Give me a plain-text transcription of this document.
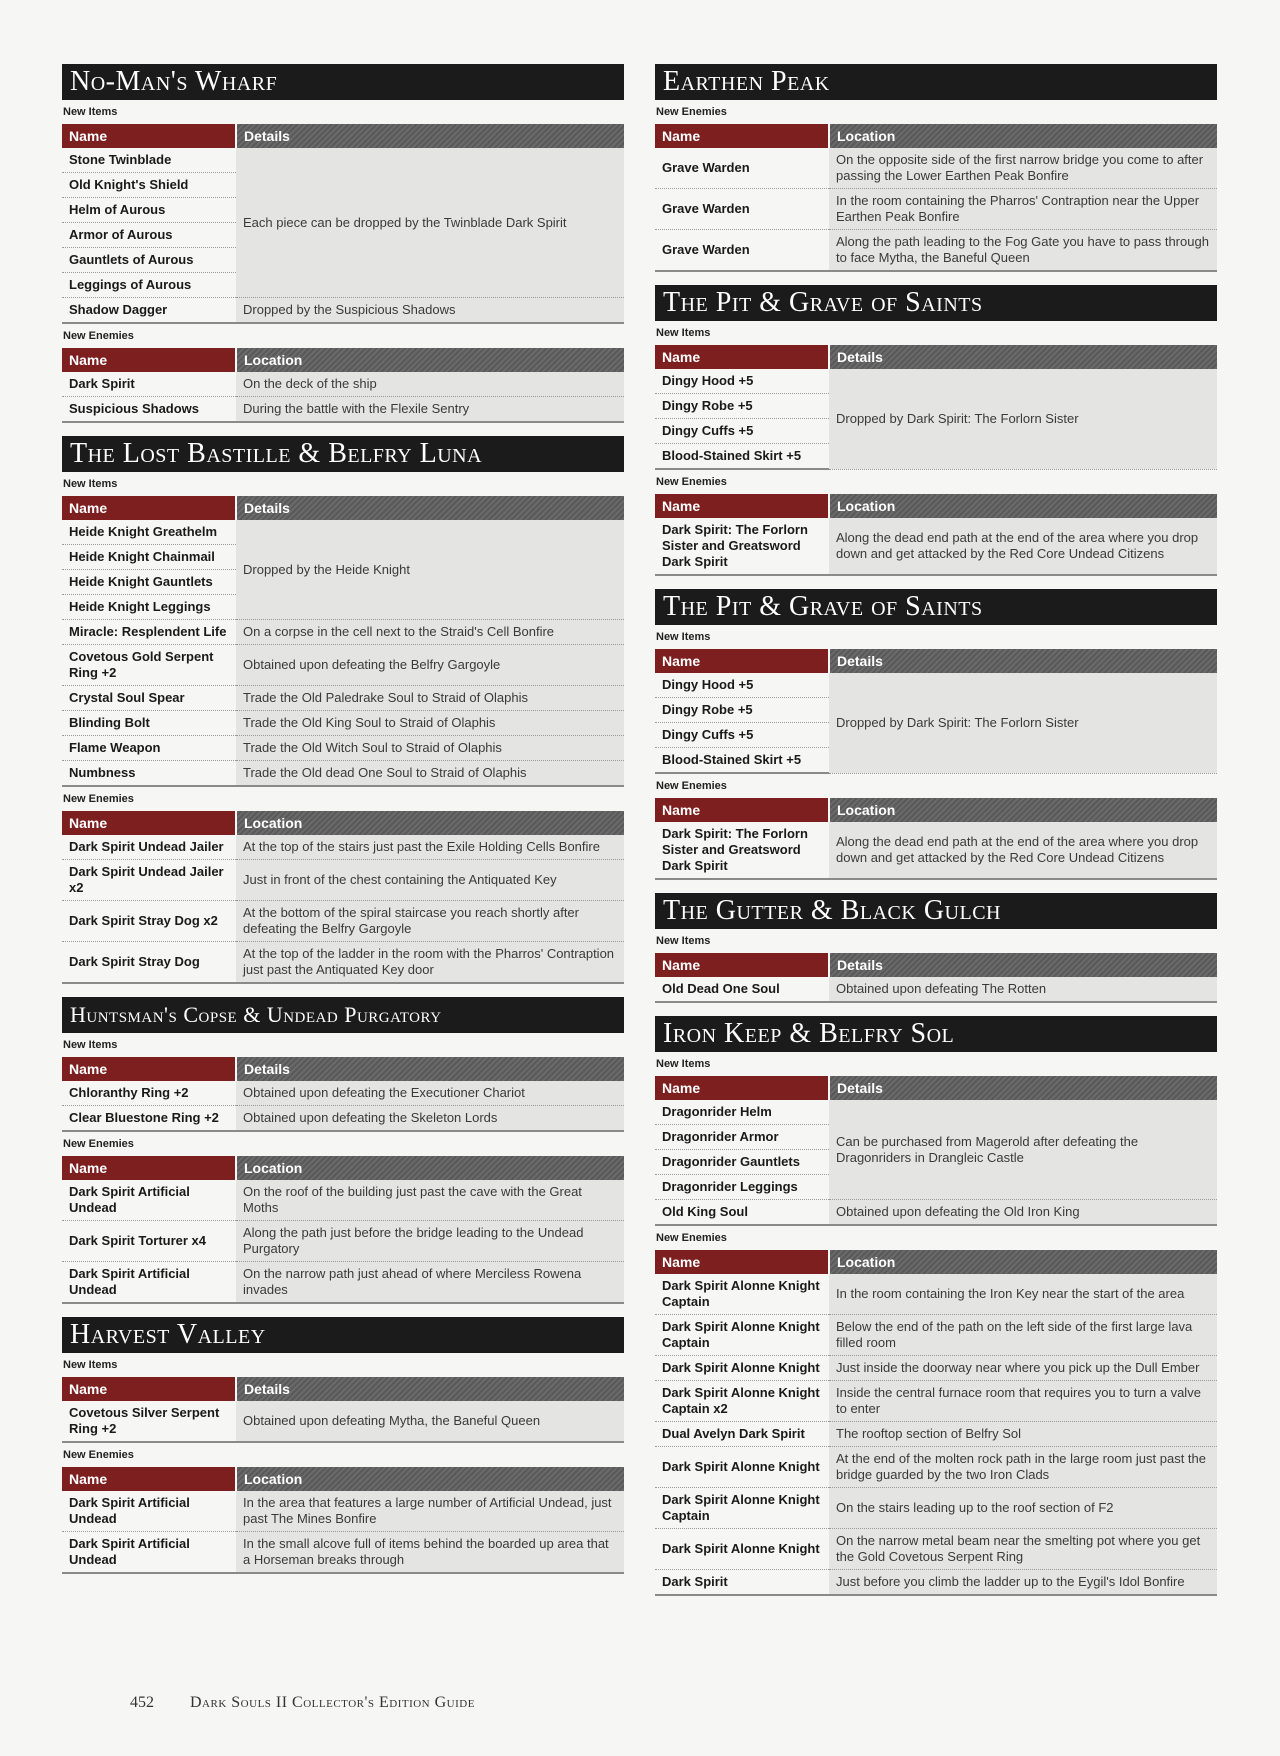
No-Man's Wharf
New Items
Name	Details
Stone Twinblade	Each piece can be dropped by the Twinblade Dark Spirit
Old Knight's Shield	
Helm of Aurous	
Armor of Aurous	
Gauntlets of Aurous	
Leggings of Aurous	
Shadow Dagger	Dropped by the Suspicious Shadows
New Enemies
Name	Location
Dark Spirit	On the deck of the ship
Suspicious Shadows	During the battle with the Flexile Sentry
The Lost Bastille & Belfry Luna
New Items
Name	Details
Heide Knight Greathelm	Dropped by the Heide Knight
Heide Knight Chainmail	
Heide Knight Gauntlets	
Heide Knight Leggings	
Miracle: Resplendent Life	On a corpse in the cell next to the Straid's Cell Bonfire
Covetous Gold Serpent Ring +2	Obtained upon defeating the Belfry Gargoyle
Crystal Soul Spear	Trade the Old Paledrake Soul to Straid of Olaphis
Blinding Bolt	Trade the Old King Soul to Straid of Olaphis
Flame Weapon	Trade the Old Witch Soul to Straid of Olaphis
Numbness	Trade the Old dead One Soul to Straid of Olaphis
New Enemies
Name	Location
Dark Spirit Undead Jailer	At the top of the stairs just past the Exile Holding Cells Bonfire
Dark Spirit Undead Jailer x2	Just in front of the chest containing the Antiquated Key
Dark Spirit Stray Dog x2	At the bottom of the spiral staircase you reach shortly after defeating the Belfry Gargoyle
Dark Spirit Stray Dog	At the top of the ladder in the room with the Pharros' Contraption just past the Antiquated Key door
Huntsman's Copse & Undead Purgatory
New Items
Name	Details
Chloranthy Ring +2	Obtained upon defeating the Executioner Chariot
Clear Bluestone Ring +2	Obtained upon defeating the Skeleton Lords
New Enemies
Name	Location
Dark Spirit Artificial Undead	On the roof of the building just past the cave with the Great Moths
Dark Spirit Torturer x4	Along the path just before the bridge leading to the Undead Purgatory
Dark Spirit Artificial Undead	On the narrow path just ahead of where Merciless Rowena invades
Harvest Valley
New Items
Name	Details
Covetous Silver Serpent Ring +2	Obtained upon defeating Mytha, the Baneful Queen
New Enemies
Name	Location
Dark Spirit Artificial Undead	In the area that features a large number of Artificial Undead, just past The Mines Bonfire
Dark Spirit Artificial Undead	In the small alcove full of items behind the boarded up area that a Horseman breaks through
Earthen Peak
New Enemies
Name	Location
Grave Warden	On the opposite side of the first narrow bridge you come to after passing the Lower Earthen Peak Bonfire
Grave Warden	In the room containing the Pharros' Contraption near the Upper Earthen Peak Bonfire
Grave Warden	Along the path leading to the Fog Gate you have to pass through to face Mytha, the Baneful Queen
The Pit & Grave of Saints
New Items
Name	Details
Dingy Hood +5	Dropped by Dark Spirit: The Forlorn Sister
Dingy Robe +5	
Dingy Cuffs +5	
Blood-Stained Skirt +5	
New Enemies
Name	Location
Dark Spirit: The Forlorn Sister and Greatsword Dark Spirit	Along the dead end path at the end of the area where you drop down and get attacked by the Red Core Undead Citizens
The Pit & Grave of Saints
New Items
Name	Details
Dingy Hood +5	Dropped by Dark Spirit: The Forlorn Sister
Dingy Robe +5	
Dingy Cuffs +5	
Blood-Stained Skirt +5	
New Enemies
Name	Location
Dark Spirit: The Forlorn Sister and Greatsword Dark Spirit	Along the dead end path at the end of the area where you drop down and get attacked by the Red Core Undead Citizens
The Gutter & Black Gulch
New Items
Name	Details
Old Dead One Soul	Obtained upon defeating The Rotten
Iron Keep & Belfry Sol
New Items
Name	Details
Dragonrider Helm	Can be purchased from Magerold after defeating the Dragonriders in Drangleic Castle
Dragonrider Armor	
Dragonrider Gauntlets	
Dragonrider Leggings	
Old King Soul	Obtained upon defeating the Old Iron King
New Enemies
Name	Location
Dark Spirit Alonne Knight Captain	In the room containing the Iron Key near the start of the area
Dark Spirit Alonne Knight Captain	Below the end of the path on the left side of the first large lava filled room
Dark Spirit Alonne Knight	Just inside the doorway near where you pick up the Dull Ember
Dark Spirit Alonne Knight Captain x2	Inside the central furnace room that requires you to turn a valve to enter
Dual Avelyn Dark Spirit	The rooftop section of Belfry Sol
Dark Spirit Alonne Knight	At the end of the molten rock path in the large room just past the bridge guarded by the two Iron Clads
Dark Spirit Alonne Knight Captain	On the stairs leading up to the roof section of F2
Dark Spirit Alonne Knight	On the narrow metal beam near the smelting pot where you get the Gold Covetous Serpent Ring
Dark Spirit	Just before you climb the ladder up to the Eygil's Idol Bonfire
452 Dark Souls II Collector's Edition Guide
